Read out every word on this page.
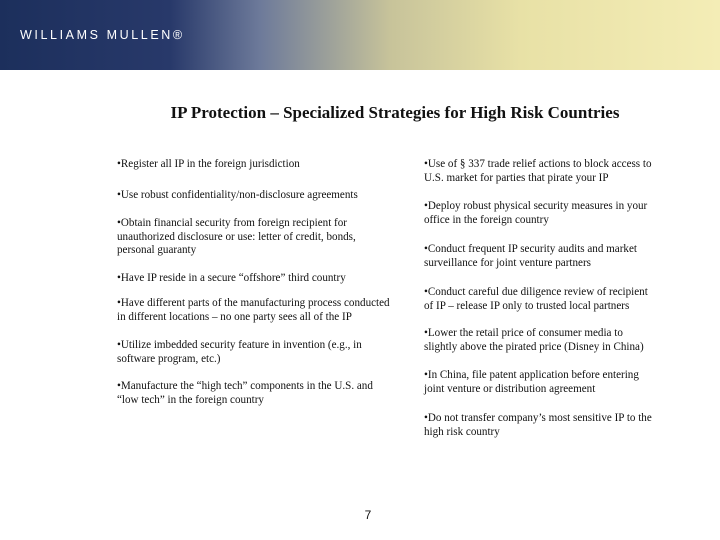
WILLIAMS MULLEN®
IP Protection – Specialized Strategies for High Risk Countries

•Register all IP in the foreign jurisdiction

•Use robust confidentiality/non-disclosure agreements

•Obtain financial security from foreign recipient for unauthorized disclosure or use: letter of credit, bonds, personal guaranty

•Have IP reside in a secure “offshore” third country

•Have different parts of the manufacturing process conducted in different locations – no one party sees all of the IP

•Utilize imbedded security feature in invention (e.g., in software program, etc.)

•Manufacture the “high tech” components in the U.S. and “low tech” in the foreign country

•Use of § 337 trade relief actions to block access to U.S. market for parties that pirate your IP

•Deploy robust physical security measures in your office in the foreign country

•Conduct frequent IP security audits and market surveillance for joint venture partners

•Conduct careful due diligence review of recipient of IP – release IP only to trusted local partners

•Lower the retail price of consumer media to slightly above the pirated price (Disney in China)

•In China, file patent application before entering joint venture or distribution agreement

•Do not transfer company’s most sensitive IP to the high risk country

7
